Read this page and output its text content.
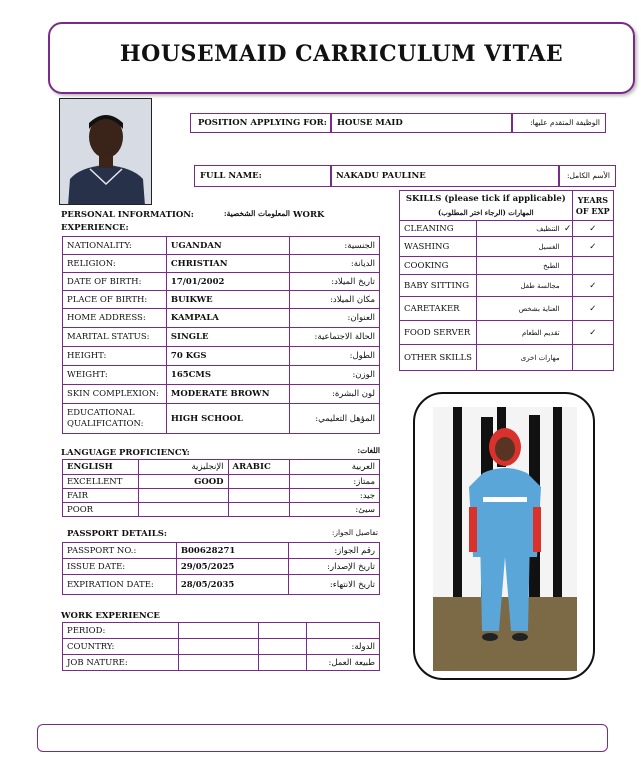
HOUSEMAID CARRICULUM VITAE
POSITION APPLYING FOR: HOUSE MAID	الوظيفة المتقدم عليها:
FULL NAME:	NAKADU PAULINE	الأسم الكامل:
PERSONAL INFORMATION:	المعلومات الشخصية: WORK
EXPERIENCE:
NATIONALITY:	UGANDAN	الجنسية:
RELIGION:	CHRISTIAN	الديانة:
DATE OF BIRTH:	17/01/2002	تاريخ الميلاد:
PLACE OF BIRTH:	BUIKWE	مكان الميلاد:
HOME ADDRESS:	KAMPALA	العنوان:
MARITAL STATUS:	SINGLE	الحالة الاجتماعية:
HEIGHT:	70 KGS	الطول:
WEIGHT:	165CMS	الوزن:
SKIN COMPLEXION:	MODERATE BROWN	لون البشرة:
EDUCATIONAL QUALIFICATION:	HIGH SCHOOL	المؤهل التعليمي:
SKILLS (please tick if applicable)
المهارات (الرجاء اختر المطلوب)		YEARS OF EXP
CLEANING	التنظيف ✓	✓
WASHING	الغسيل	✓
COOKING	الطبخ	

BABY SITTING	مجالسة طفل	✓
CARETAKER	العناية بشخص	✓
FOOD SERVER	تقديم الطعام	✓
OTHER SKILLS	مهارات اخرى	

LANGUAGE PROFICIENCY:	اللغات:
ENGLISH	الإنجليزية	ARABIC	العربية
EXCELLENT	GOOD		ممتاز:
FAIR			جيد:
POOR			سيئ:
PASSPORT DETAILS:	تفاصيل الجواز:
PASSPORT NO.:	B00628271	رقم الجواز:
ISSUE DATE:	29/05/2025	تاريخ الإصدار:
EXPIRATION DATE:	28/05/2035	تاريخ الانتهاء:
WORK EXPERIENCE
PERIOD:			
COUNTRY:			الدولة:
JOB NATURE:			طبيعة العمل:
